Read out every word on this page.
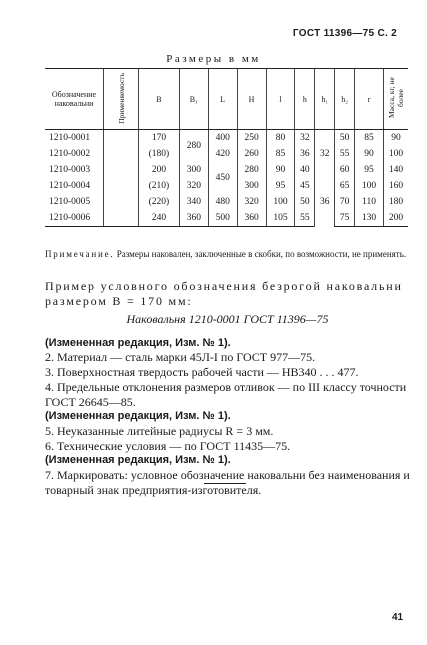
ГОСТ 11396—75 С. 2
Размеры в мм
Обозначение наковальни	Применяемость	B	B₁	L	H	l	h	h₁	h₂	r	Масса, кг, не более
1210-0001		170	280	400	250	80	32	32	50	85	90
1210-0002		(180)		420	260	85	36		55	90	100
1210-0003		200	300	450	280	90	40		60	95	140
1210-0004		(210)	320		300	95	45	36	65	100	160
1210-0005		(220)	340	480	320	100	50		70	110	180
1210-0006		240	360	500	360	105	55		75	130	200
Примечание. Размеры наковален, заключенные в скобки, по возможности, не применять.
Пример условного обозначения безрогой наковальни размером B = 170 мм:
Наковальня 1210-0001 ГОСТ 11396—75
(Измененная редакция, Изм. № 1).
2. Материал — сталь марки 45Л-I по ГОСТ 977—75.
3. Поверхностная твердость рабочей части — HB340 . . . 477.
4. Предельные отклонения размеров отливок — по III классу точности ГОСТ 26645—85.
(Измененная редакция, Изм. № 1).
5. Неуказанные литейные радиусы R = 3 мм.
6. Технические условия — по ГОСТ 11435—75.
(Измененная редакция, Изм. № 1).
7. Маркировать: условное обозначение наковальни без наименования и товарный знак предприятия-изготовителя.
41
